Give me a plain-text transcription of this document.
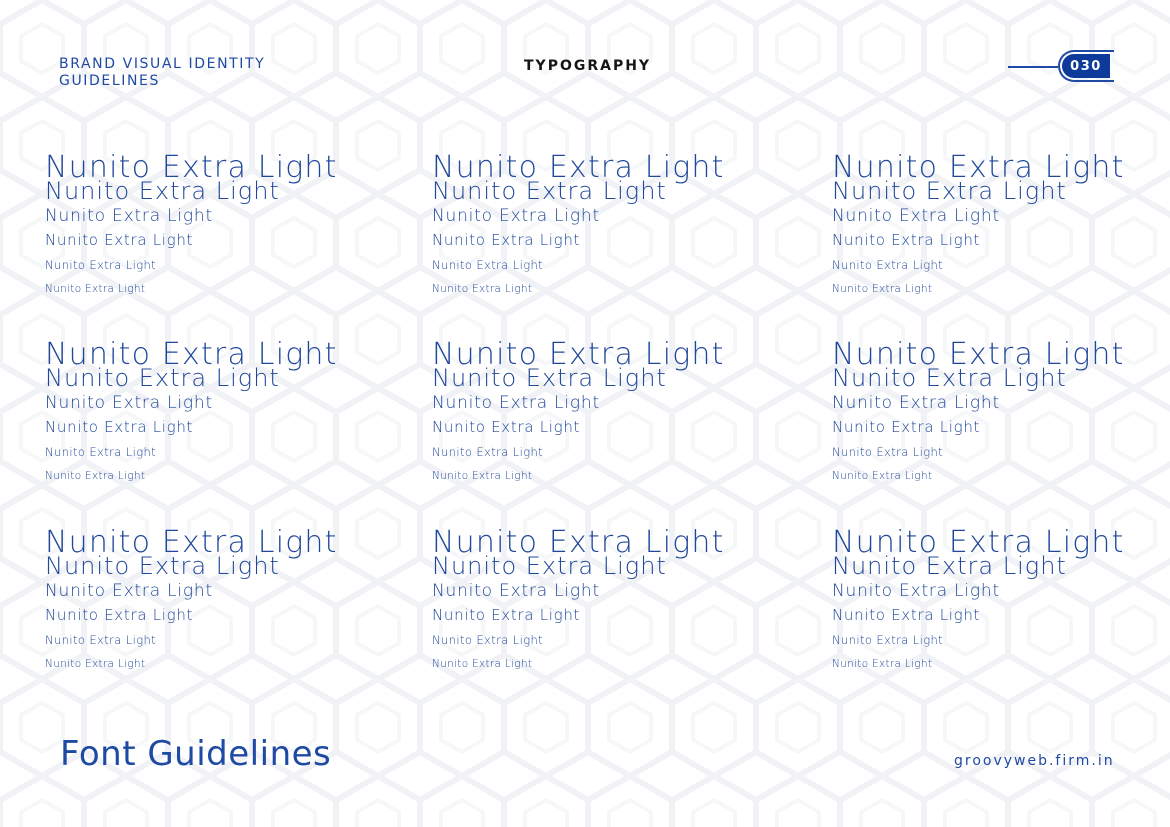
BRAND VISUAL IDENTITY
GUIDELINES
TYPOGRAPHY	030
Nunito Extra Light
Nunito Extra Light
Nunito Extra Light
Nunito Extra Light
Nunito Extra Light
Nunito Extra Light
Nunito Extra Light
Nunito Extra Light
Nunito Extra Light
Nunito Extra Light
Nunito Extra Light
Nunito Extra Light
Nunito Extra Light
Nunito Extra Light
Nunito Extra Light
Nunito Extra Light
Nunito Extra Light
Nunito Extra Light
Nunito Extra Light
Nunito Extra Light
Nunito Extra Light
Nunito Extra Light
Nunito Extra Light
Nunito Extra Light
Nunito Extra Light
Nunito Extra Light
Nunito Extra Light
Nunito Extra Light
Nunito Extra Light
Nunito Extra Light
Nunito Extra Light
Nunito Extra Light
Nunito Extra Light
Nunito Extra Light
Nunito Extra Light
Nunito Extra Light
Nunito Extra Light
Nunito Extra Light
Nunito Extra Light
Nunito Extra Light
Nunito Extra Light
Nunito Extra Light
Nunito Extra Light
Nunito Extra Light
Nunito Extra Light
Nunito Extra Light
Nunito Extra Light
Nunito Extra Light
Nunito Extra Light
Nunito Extra Light
Nunito Extra Light
Nunito Extra Light
Nunito Extra Light
Nunito Extra Light
Font Guidelines	groovyweb.firm.in
